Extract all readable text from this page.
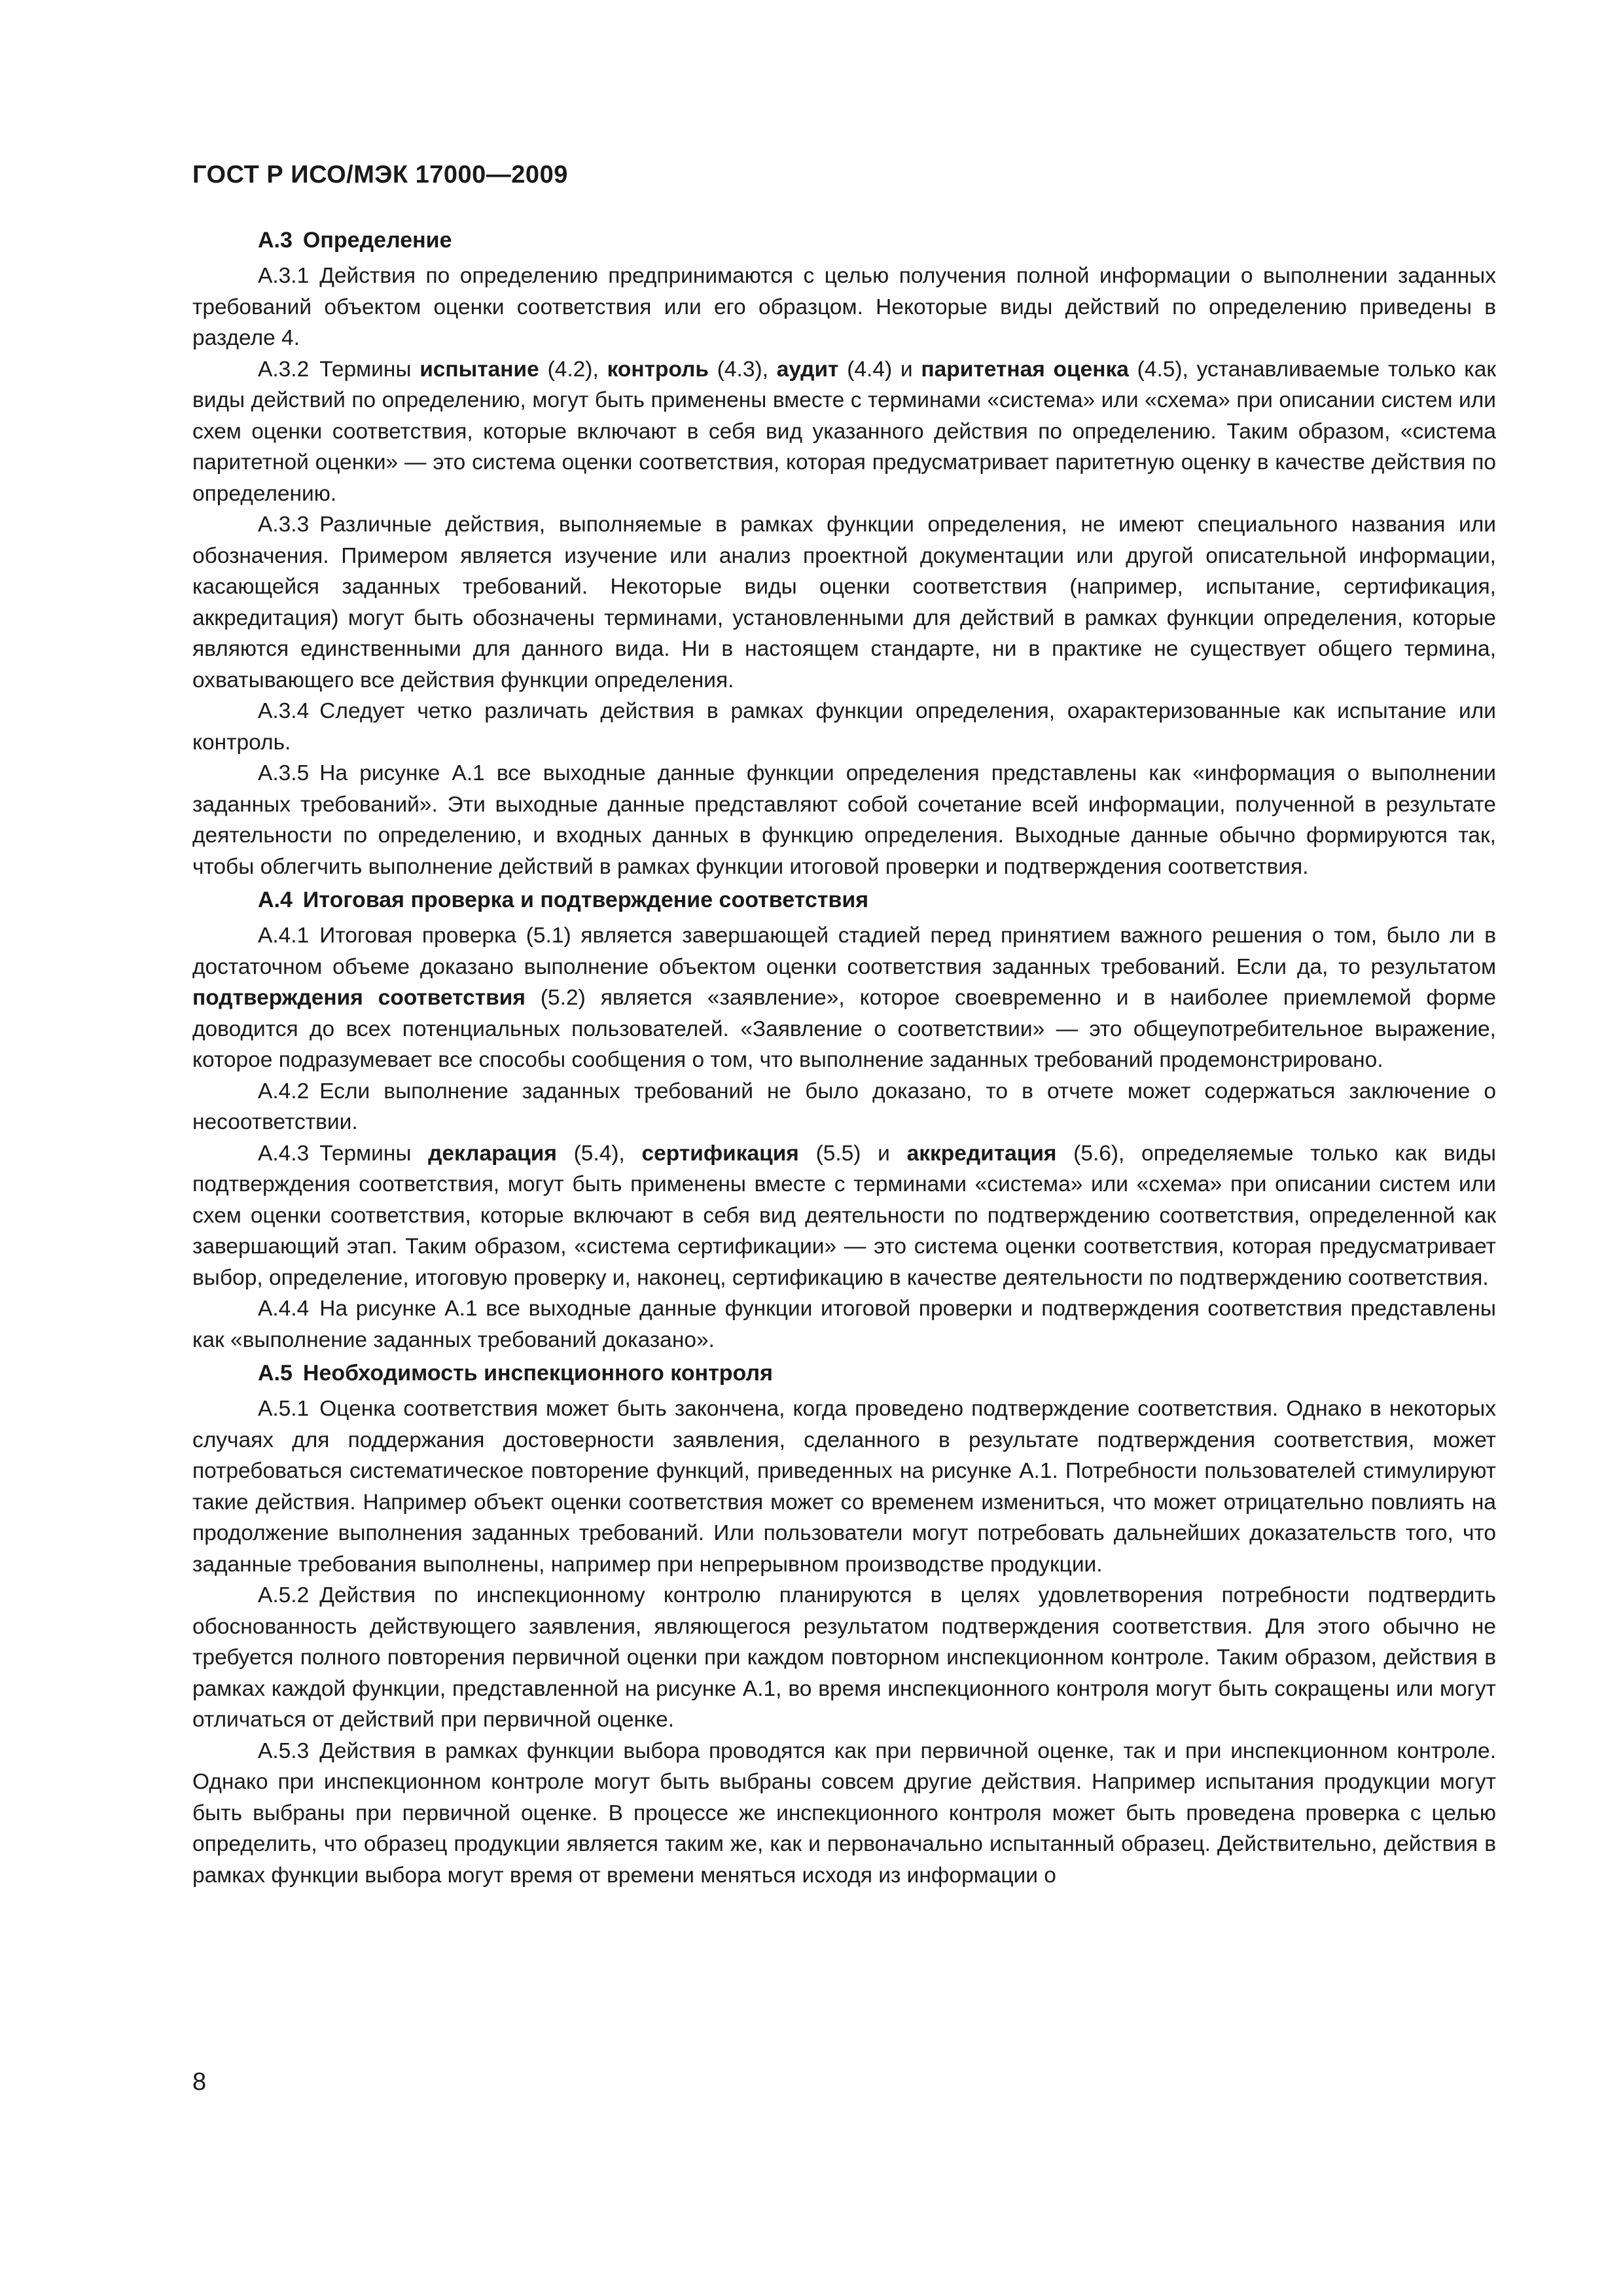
ГОСТ Р ИСО/МЭК 17000—2009
А.3 Определение

А.3.1 Действия по определению предпринимаются с целью получения полной информации о выполнении заданных требований объектом оценки соответствия или его образцом. Некоторые виды действий по определению приведены в разделе 4.

А.3.2 Термины испытание (4.2), контроль (4.3), аудит (4.4) и паритетная оценка (4.5), устанавливаемые только как виды действий по определению, могут быть применены вместе с терминами «система» или «схема» при описании систем или схем оценки соответствия, которые включают в себя вид указанного действия по определению. Таким образом, «система паритетной оценки» — это система оценки соответствия, которая предусматривает паритетную оценку в качестве действия по определению.

А.3.3 Различные действия, выполняемые в рамках функции определения, не имеют специального названия или обозначения. Примером является изучение или анализ проектной документации или другой описательной информации, касающейся заданных требований. Некоторые виды оценки соответствия (например, испытание, сертификация, аккредитация) могут быть обозначены терминами, установленными для действий в рамках функции определения, которые являются единственными для данного вида. Ни в настоящем стандарте, ни в практике не существует общего термина, охватывающего все действия функции определения.

А.3.4 Следует четко различать действия в рамках функции определения, охарактеризованные как испытание или контроль.

А.3.5 На рисунке А.1 все выходные данные функции определения представлены как «информация о выполнении заданных требований». Эти выходные данные представляют собой сочетание всей информации, полученной в результате деятельности по определению, и входных данных в функцию определения. Выходные данные обычно формируются так, чтобы облегчить выполнение действий в рамках функции итоговой проверки и подтверждения соответствия.

А.4 Итоговая проверка и подтверждение соответствия

А.4.1 Итоговая проверка (5.1) является завершающей стадией перед принятием важного решения о том, было ли в достаточном объеме доказано выполнение объектом оценки соответствия заданных требований. Если да, то результатом подтверждения соответствия (5.2) является «заявление», которое своевременно и в наиболее приемлемой форме доводится до всех потенциальных пользователей. «Заявление о соответствии» — это общеупотребительное выражение, которое подразумевает все способы сообщения о том, что выполнение заданных требований продемонстрировано.

А.4.2 Если выполнение заданных требований не было доказано, то в отчете может содержаться заключение о несоответствии.

А.4.3 Термины декларация (5.4), сертификация (5.5) и аккредитация (5.6), определяемые только как виды подтверждения соответствия, могут быть применены вместе с терминами «система» или «схема» при описании систем или схем оценки соответствия, которые включают в себя вид деятельности по подтверждению соответствия, определенной как завершающий этап. Таким образом, «система сертификации» — это система оценки соответствия, которая предусматривает выбор, определение, итоговую проверку и, наконец, сертификацию в качестве деятельности по подтверждению соответствия.

А.4.4 На рисунке А.1 все выходные данные функции итоговой проверки и подтверждения соответствия представлены как «выполнение заданных требований доказано».

А.5 Необходимость инспекционного контроля

А.5.1 Оценка соответствия может быть закончена, когда проведено подтверждение соответствия. Однако в некоторых случаях для поддержания достоверности заявления, сделанного в результате подтверждения соответствия, может потребоваться систематическое повторение функций, приведенных на рисунке А.1. Потребности пользователей стимулируют такие действия. Например объект оценки соответствия может со временем измениться, что может отрицательно повлиять на продолжение выполнения заданных требований. Или пользователи могут потребовать дальнейших доказательств того, что заданные требования выполнены, например при непрерывном производстве продукции.

А.5.2 Действия по инспекционному контролю планируются в целях удовлетворения потребности подтвердить обоснованность действующего заявления, являющегося результатом подтверждения соответствия. Для этого обычно не требуется полного повторения первичной оценки при каждом повторном инспекционном контроле. Таким образом, действия в рамках каждой функции, представленной на рисунке А.1, во время инспекционного контроля могут быть сокращены или могут отличаться от действий при первичной оценке.

А.5.3 Действия в рамках функции выбора проводятся как при первичной оценке, так и при инспекционном контроле. Однако при инспекционном контроле могут быть выбраны совсем другие действия. Например испытания продукции могут быть выбраны при первичной оценке. В процессе же инспекционного контроля может быть проведена проверка с целью определить, что образец продукции является таким же, как и первоначально испытанный образец. Действительно, действия в рамках функции выбора могут время от времени меняться исходя из информации о

8
